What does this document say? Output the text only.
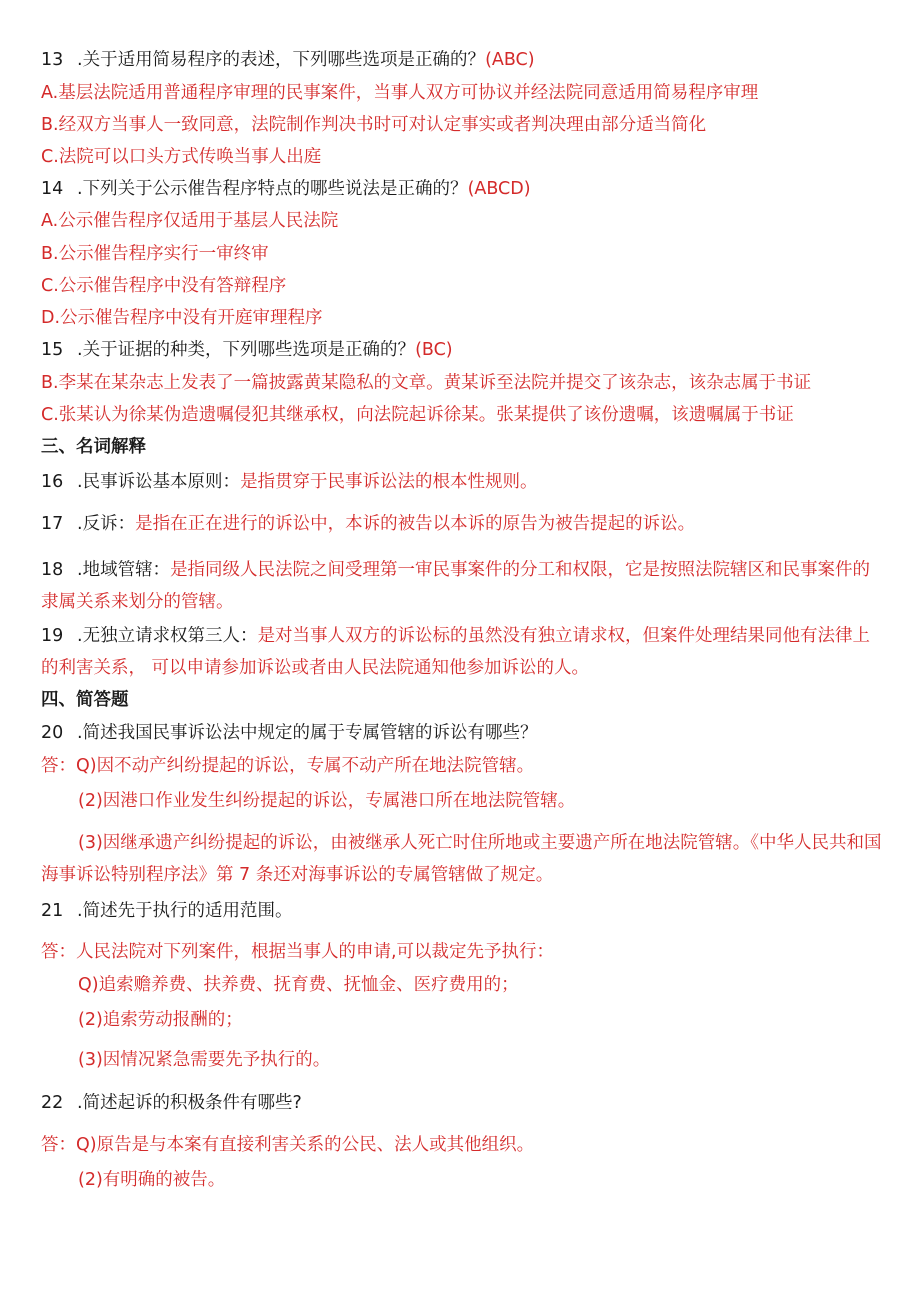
13 .关于适用简易程序的表述，下列哪些选项是正确的？(ABC)
A.基层法院适用普通程序审理的民事案件，当事人双方可协议并经法院同意适用简易程序审理
B.经双方当事人一致同意，法院制作判决书时可对认定事实或者判决理由部分适当简化
C.法院可以口头方式传唤当事人出庭
14 .下列关于公示催告程序特点的哪些说法是正确的？(ABCD)
A.公示催告程序仅适用于基层人民法院
B.公示催告程序实行一审终审
C.公示催告程序中没有答辩程序
D.公示催告程序中没有开庭审理程序
15 .关于证据的种类，下列哪些选项是正确的？(BC)
B.李某在某杂志上发表了一篇披露黄某隐私的文章。黄某诉至法院并提交了该杂志，该杂志属于书证
C.张某认为徐某伪造遗嘱侵犯其继承权，向法院起诉徐某。张某提供了该份遗嘱，该遗嘱属于书证
三、名词解释
16 .民事诉讼基本原则：是指贯穿于民事诉讼法的根本性规则。
17 .反诉：是指在正在进行的诉讼中，本诉的被告以本诉的原告为被告提起的诉讼。
18 .地域管辖：是指同级人民法院之间受理第一审民事案件的分工和权限，它是按照法院辖区和民事案件的隶属关系来划分的管辖。
19 .无独立请求权第三人：是对当事人双方的诉讼标的虽然没有独立请求权，但案件处理结果同他有法律上的利害关系， 可以申请参加诉讼或者由人民法院通知他参加诉讼的人。
四、简答题
20 .简述我国民事诉讼法中规定的属于专属管辖的诉讼有哪些？
答：Q)因不动产纠纷提起的诉讼，专属不动产所在地法院管辖。
(2)因港口作业发生纠纷提起的诉讼，专属港口所在地法院管辖。
(3)因继承遗产纠纷提起的诉讼，由被继承人死亡时住所地或主要遗产所在地法院管辖。《中华人民共和国海事诉讼特别程序法》第 7 条还对海事诉讼的专属管辖做了规定。
21 .简述先于执行的适用范围。
答：人民法院对下列案件，根据当事人的申请,可以裁定先予执行：
Q)追索赡养费、扶养费、抚育费、抚恤金、医疗费用的；
(2)追索劳动报酬的；
(3)因情况紧急需要先予执行的。
22 .简述起诉的积极条件有哪些?
答：Q)原告是与本案有直接利害关系的公民、法人或其他组织。
(2)有明确的被告。
